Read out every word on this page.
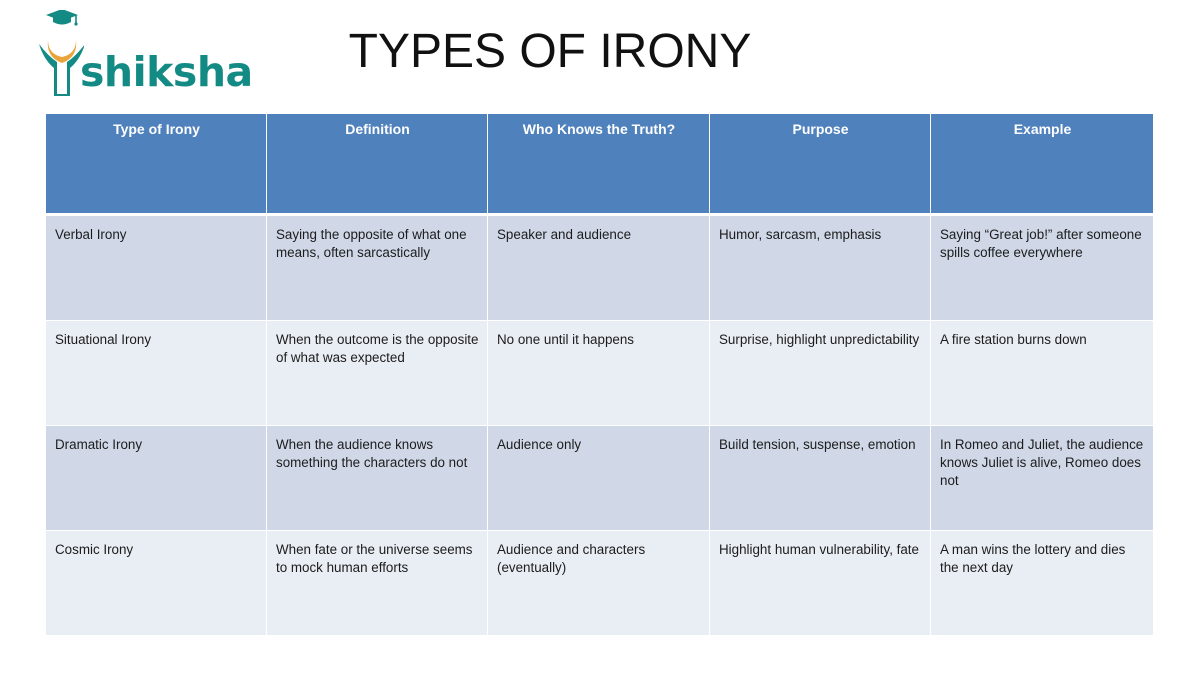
shiksha	TYPES OF IRONY
Type of Irony	Definition	Who Knows the Truth?	Purpose	Example
Verbal Irony	Saying the opposite of what one means, often sarcastically	Speaker and audience	Humor, sarcasm, emphasis	Saying “Great job!” after someone spills coffee everywhere
Situational Irony	When the outcome is the opposite of what was expected	No one until it happens	Surprise, highlight unpredictability	A fire station burns down
Dramatic Irony	When the audience knows something the characters do not	Audience only	Build tension, suspense, emotion	In Romeo and Juliet, the audience knows Juliet is alive, Romeo does not
Cosmic Irony	When fate or the universe seems to mock human efforts	Audience and characters (eventually)	Highlight human vulnerability, fate	A man wins the lottery and dies the next day
